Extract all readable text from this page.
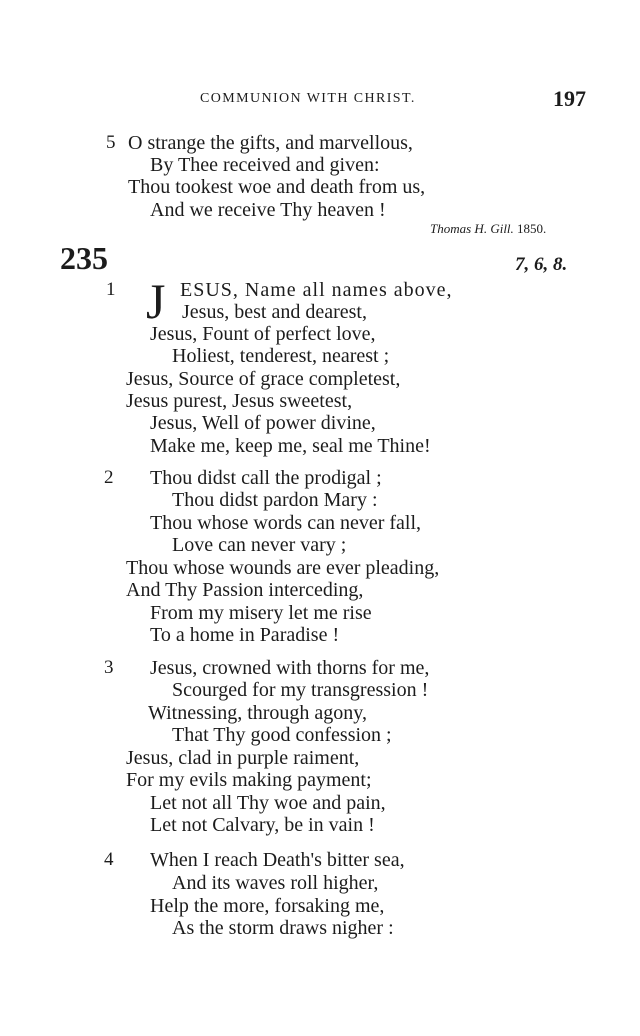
COMMUNION WITH CHRIST.	197
5 O strange the gifts, and marvellous,
By Thee received and given:
Thou tookest woe and death from us,
And we receive Thy heaven !
Thomas H. Gill. 1850.
235	7, 6, 8.
1 J ESUS, Name all names above,
Jesus, best and dearest,
Jesus, Fount of perfect love,
Holiest, tenderest, nearest ;
Jesus, Source of grace completest,
Jesus purest, Jesus sweetest,
Jesus, Well of power divine,
Make me, keep me, seal me Thine!
2 Thou didst call the prodigal ;
Thou didst pardon Mary :
Thou whose words can never fall,
Love can never vary ;
Thou whose wounds are ever pleading,
And Thy Passion interceding,
From my misery let me rise
To a home in Paradise !
3 Jesus, crowned with thorns for me,
Scourged for my transgression !
Witnessing, through agony,
That Thy good confession ;
Jesus, clad in purple raiment,
For my evils making payment;
Let not all Thy woe and pain,
Let not Calvary, be in vain !
4 When I reach Death's bitter sea,
And its waves roll higher,
Help the more, forsaking me,
As the storm draws nigher :
